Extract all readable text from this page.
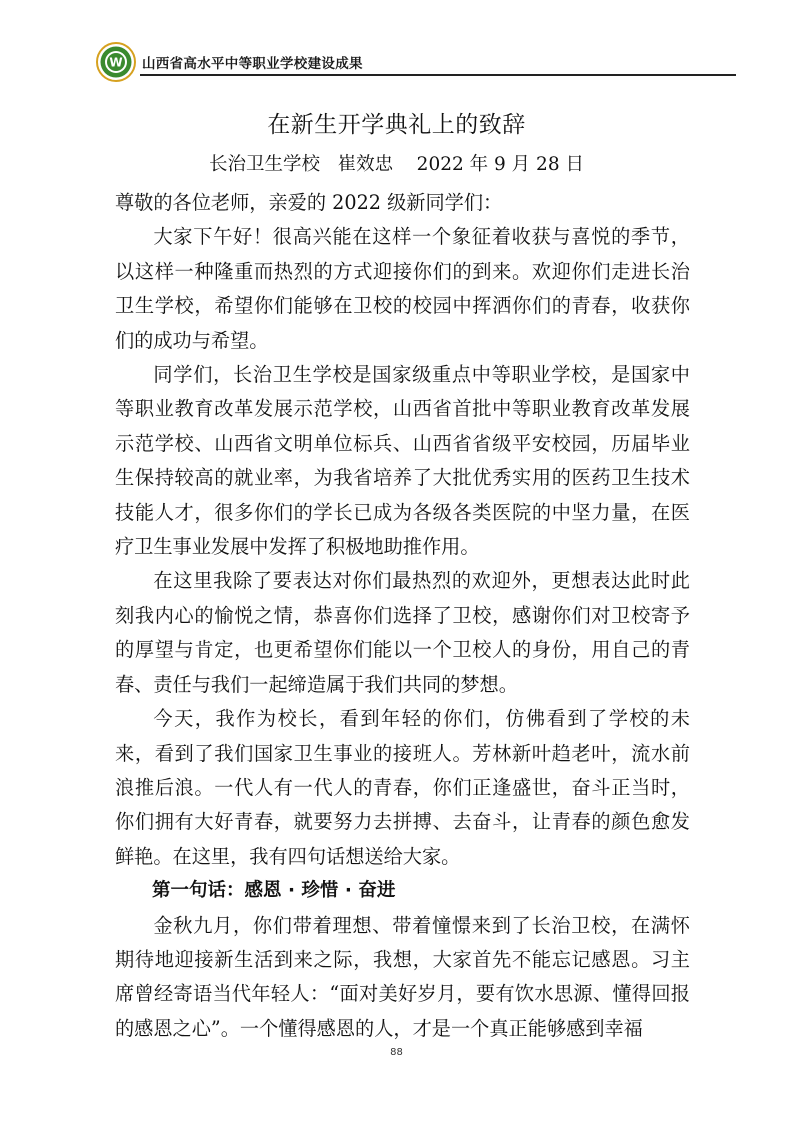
W 山西省高水平中等职业学校建设成果
在新生开学典礼上的致辞
长治卫生学校   崔效忠    2022 年 9 月 28 日

尊敬的各位老师，亲爱的 2022 级新同学们：

大家下午好！很高兴能在这样一个象征着收获与喜悦的季节，以这样一种隆重而热烈的方式迎接你们的到来。欢迎你们走进长治卫生学校，希望你们能够在卫校的校园中挥洒你们的青春，收获你们的成功与希望。

同学们，长治卫生学校是国家级重点中等职业学校，是国家中等职业教育改革发展示范学校，山西省首批中等职业教育改革发展示范学校、山西省文明单位标兵、山西省省级平安校园，历届毕业生保持较高的就业率，为我省培养了大批优秀实用的医药卫生技术技能人才，很多你们的学长已成为各级各类医院的中坚力量，在医疗卫生事业发展中发挥了积极地助推作用。

在这里我除了要表达对你们最热烈的欢迎外，更想表达此时此刻我内心的愉悦之情，恭喜你们选择了卫校，感谢你们对卫校寄予的厚望与肯定，也更希望你们能以一个卫校人的身份，用自己的青春、责任与我们一起缔造属于我们共同的梦想。

今天，我作为校长，看到年轻的你们，仿佛看到了学校的未来，看到了我们国家卫生事业的接班人。芳林新叶趋老叶，流水前浪推后浪。一代人有一代人的青春，你们正逢盛世，奋斗正当时，你们拥有大好青春，就要努力去拼搏、去奋斗，让青春的颜色愈发鲜艳。在这里，我有四句话想送给大家。

第一句话：感恩 · 珍惜 · 奋进

金秋九月，你们带着理想、带着憧憬来到了长治卫校，在满怀期待地迎接新生活到来之际，我想，大家首先不能忘记感恩。习主席曾经寄语当代年轻人：“面对美好岁月，要有饮水思源、懂得回报的感恩之心”。一个懂得感恩的人，才是一个真正能够感到幸福

88
